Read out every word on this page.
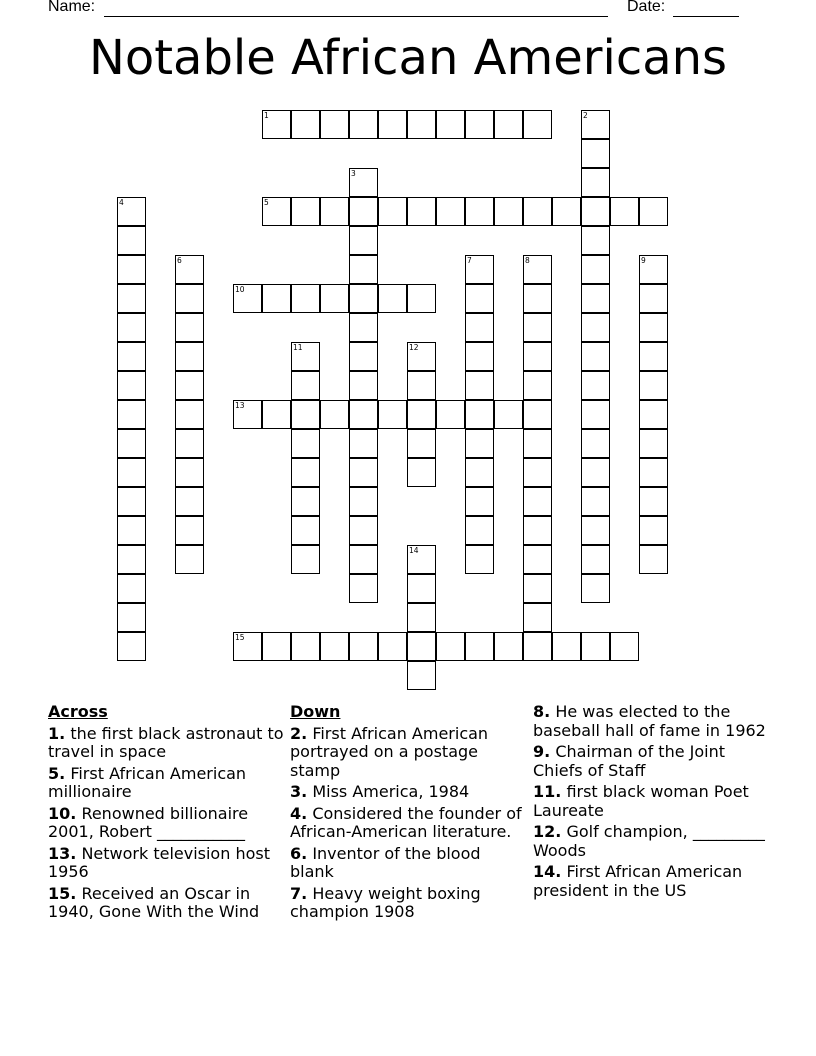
Name:	Date:
Notable African Americans
1	2
3
4	5
6	7	8	9
10
11	12
13
14
15
Across
1. the first black astronaut to travel in space
5. First African American millionaire
10. Renowned billionaire 2001, Robert ___________
13. Network television host 1956
15. Received an Oscar in 1940, Gone With the Wind
Down
2. First African American portrayed on a postage stamp
3. Miss America, 1984
4. Considered the founder of African-American literature.
6. Inventor of the blood blank
7. Heavy weight boxing champion 1908
8. He was elected to the baseball hall of fame in 1962
9. Chairman of the Joint Chiefs of Staff
11. first black woman Poet Laureate
12. Golf champion, _________ Woods
14. First African American president in the US
